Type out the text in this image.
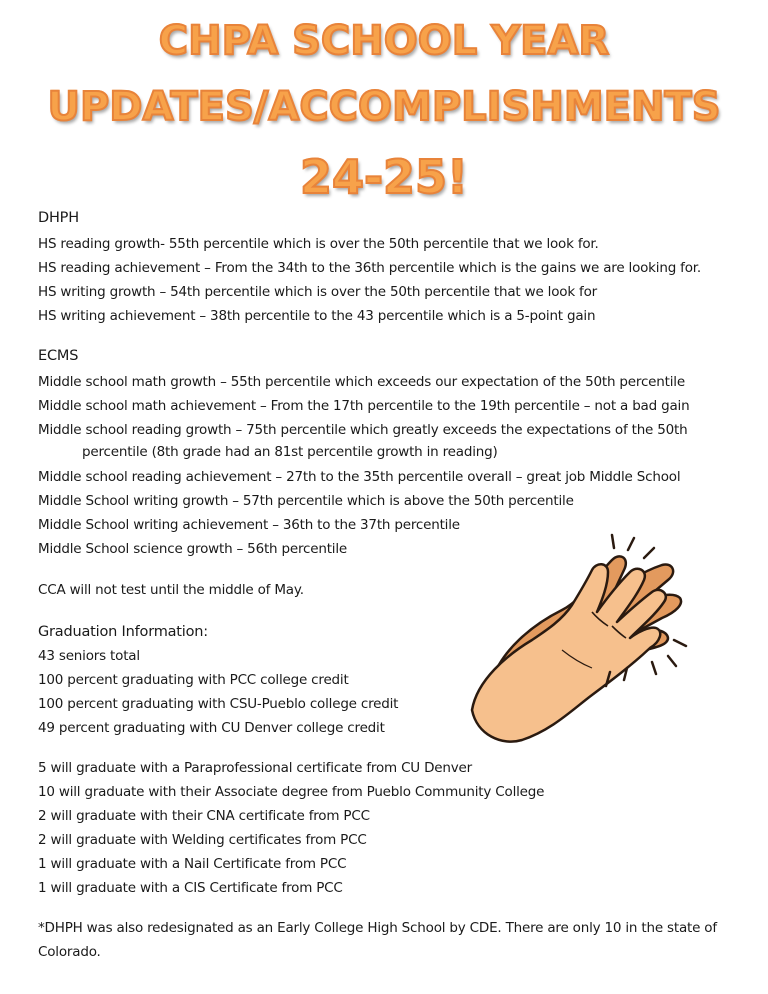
CHPA SCHOOL YEAR
UPDATES/ACCOMPLISHMENTS
24-25!
DHPH
HS reading growth- 55th percentile which is over the 50th percentile that we look for.
HS reading achievement – From the 34th to the 36th percentile which is the gains we are looking for.
HS writing growth – 54th percentile which is over the 50th percentile that we look for
HS writing achievement – 38th percentile to the 43 percentile which is a 5-point gain
ECMS
Middle school math growth – 55th percentile which exceeds our expectation of the 50th percentile
Middle school math achievement – From the 17th percentile to the 19th percentile – not a bad gain
Middle school reading growth – 75th percentile which greatly exceeds the expectations of the 50th
percentile (8th grade had an 81st percentile growth in reading)
Middle school reading achievement – 27th to the 35th percentile overall – great job Middle School
Middle School writing growth – 57th percentile which is above the 50th percentile
Middle School writing achievement – 36th to the 37th percentile
Middle School science growth – 56th percentile
CCA will not test until the middle of May.
Graduation Information:
43 seniors total
100 percent graduating with PCC college credit
100 percent graduating with CSU-Pueblo college credit
49 percent graduating with CU Denver college credit
5 will graduate with a Paraprofessional certificate from CU Denver
10 will graduate with their Associate degree from Pueblo Community College
2 will graduate with their CNA certificate from PCC
2 will graduate with Welding certificates from PCC
1 will graduate with a Nail Certificate from PCC
1 will graduate with a CIS Certificate from PCC
*DHPH was also redesignated as an Early College High School by CDE. There are only 10 in the state of
Colorado.
